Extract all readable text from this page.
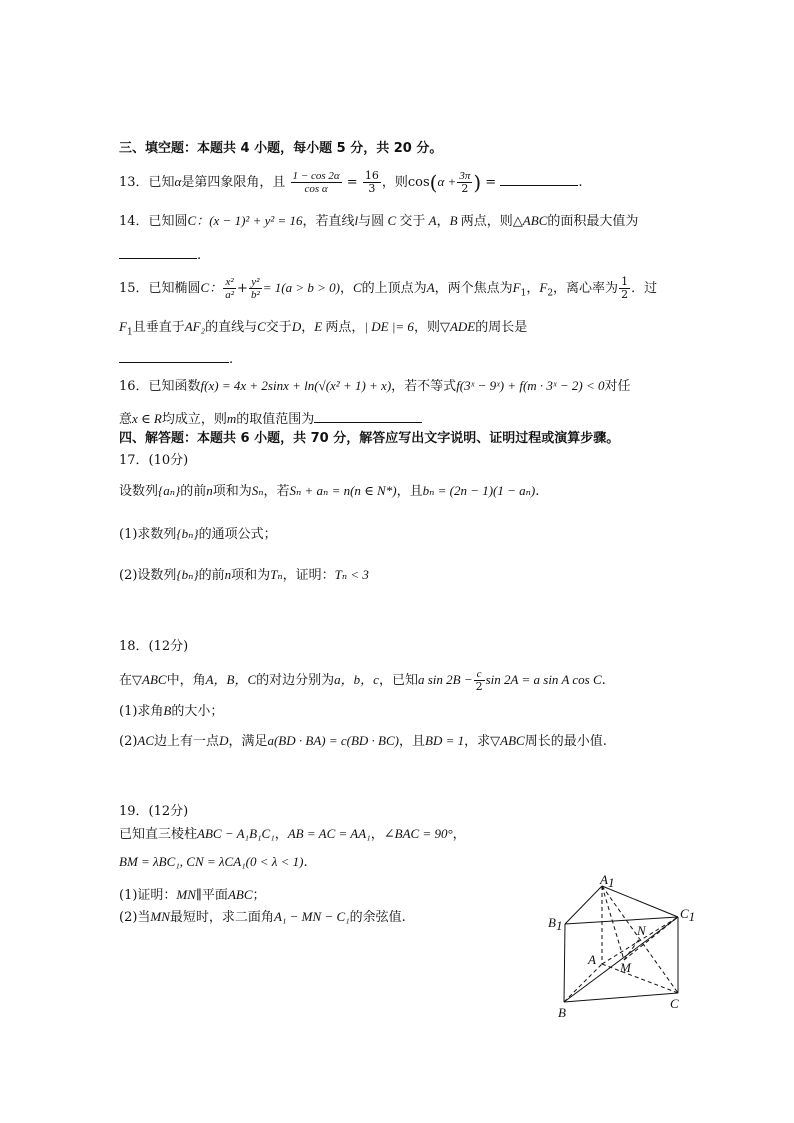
三、填空题：本题共 4 小题，每小题 5 分，共 20 分。
13．已知α是第四象限角，且 $\frac{1 - \cos 2\alpha}{\text{cos α}} = \frac{16}{3}$ ，则$\cos(\alpha + \frac{3\pi}{2}$ ) =	.
14．已知圆C：(x − 1)² + y² = 16，若直线l与圆 C 交于 A，B 两点，则△ABC的面积最大值为
.
15．已知椭圆C： $\frac{\text{x²}}{\text{a²}} + \frac{\text{y²}}{\text{b²}} = 1(a > b > 0)$，C的上顶点为A，两个焦点为$F_1$，$F_2$，离心率为 $\frac{1}{2}$ ．过
$F_1$且垂直于AF₂的直线与C交于D，E 两点，| DE |= 6，则▽ADE的周长是
.
16．已知函数f(x) = 4x + 2sinx + ln(√(x² + 1) + x)，若不等式f(3ˣ − 9ˣ) + f(m · 3ˣ − 2) < 0对任
意x ∈ R均成立，则m的取值范围为
四、解答题：本题共 6 小题，共 70 分，解答应写出文字说明、证明过程或演算步骤。
17．(10分)
设数列{aₙ}的前n项和为Sₙ，若Sₙ + aₙ = n(n ∈ N*)，且bₙ = (2n − 1)(1 − aₙ).
(1)求数列{bₙ}的通项公式；
(2)设数列{bₙ}的前n项和为Tₙ，证明：Tₙ < 3
18．(12分)
在▽ABC中，角A，B，C的对边分别为a，b，c，已知a $\sin 2B - \frac{c}{2}$ sin 2A = a sin A cos C.
(1)求角B的大小；
(2)AC边上有一点D，满足a(BD · BA) = c(BD · BC)，且BD = 1，求▽ABC周长的最小值.
19．(12分)
已知直三棱柱ABC − A₁B₁C₁，AB = AC = AA₁，∠BAC = 90°，
BM = λBC₁, CN = λCA₁(0 < λ < 1).
(1)证明：MN∥平面ABC；
(2)当MN最短时，求二面角A₁ − MN − C₁的余弦值.
A1
B1
C1
A
B
C
M
N
